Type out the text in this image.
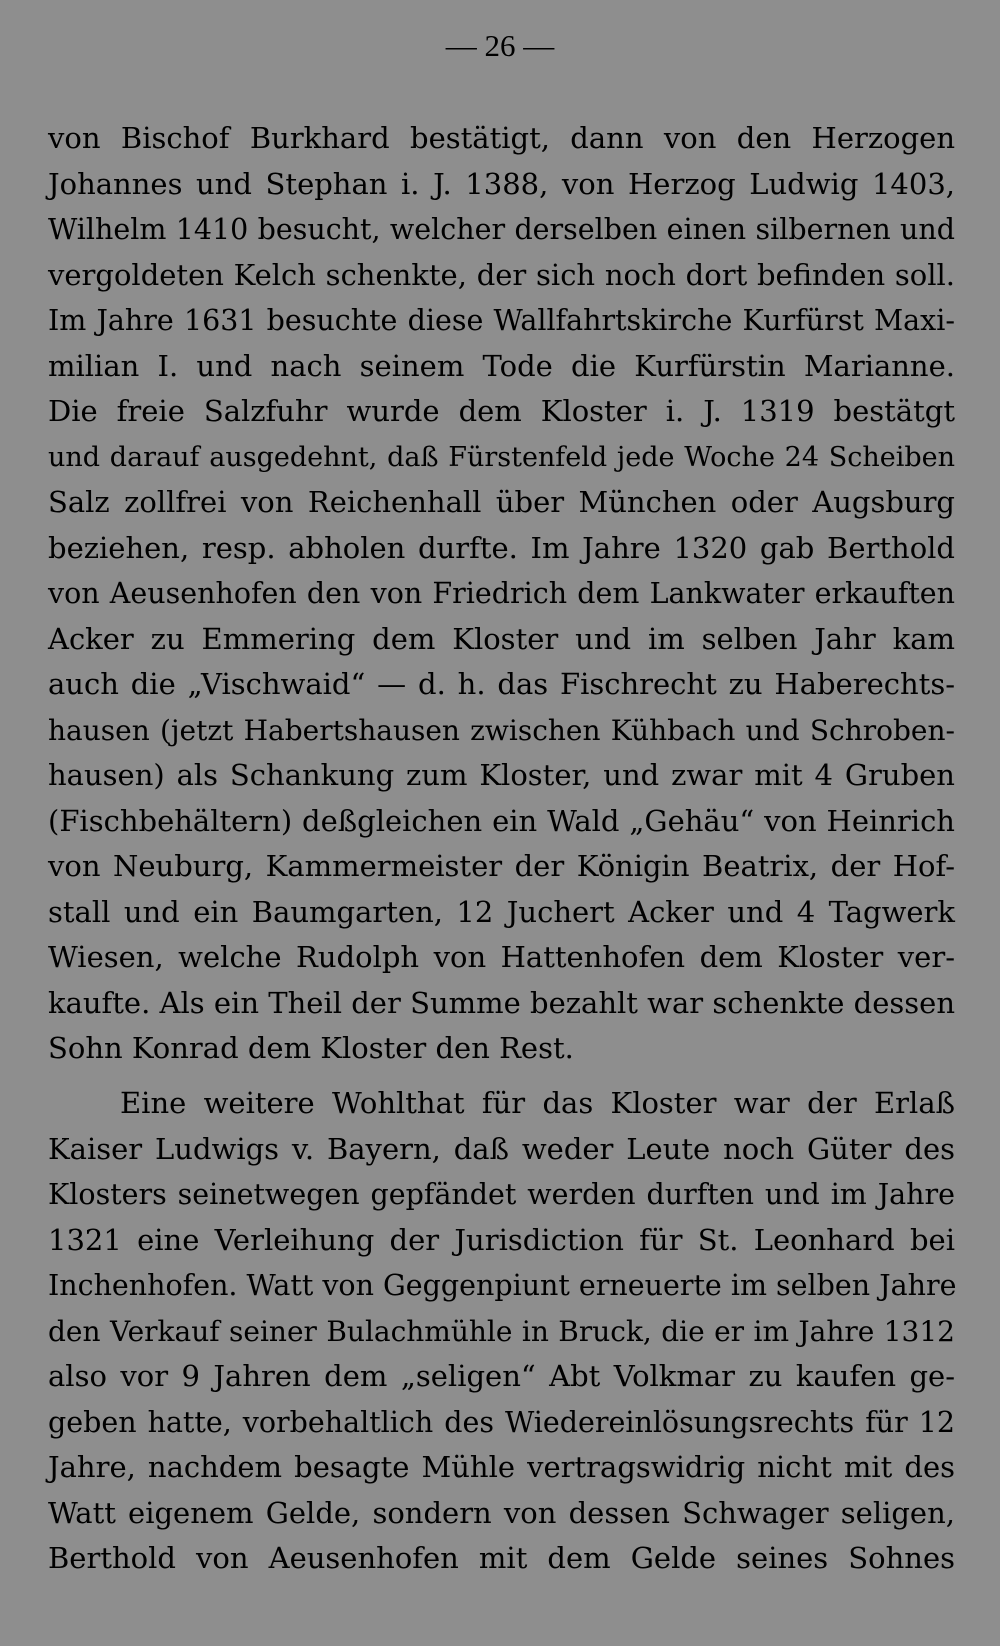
— 26 —
von Bischof Burkhard bestätigt, dann von den Herzogen
Johannes und Stephan i. J. 1388, von Herzog Ludwig 1403,
Wilhelm 1410 besucht, welcher derselben einen silbernen und
vergoldeten Kelch schenkte, der sich noch dort befinden soll.
Im Jahre 1631 besuchte diese Wallfahrtskirche Kurfürst Maxi-
milian I. und nach seinem Tode die Kurfürstin Marianne.
Die freie Salzfuhr wurde dem Kloster i. J. 1319 bestätgt
und darauf ausgedehnt, daß Fürstenfeld jede Woche 24 Scheiben
Salz zollfrei von Reichenhall über München oder Augsburg
beziehen, resp. abholen durfte. Im Jahre 1320 gab Berthold
von Aeusenhofen den von Friedrich dem Lankwater erkauften
Acker zu Emmering dem Kloster und im selben Jahr kam
auch die „Vischwaid“ — d. h. das Fischrecht zu Haberechts-
hausen (jetzt Habertshausen zwischen Kühbach und Schroben-
hausen) als Schankung zum Kloster, und zwar mit 4 Gruben
(Fischbehältern) deßgleichen ein Wald „Gehäu“ von Heinrich
von Neuburg, Kammermeister der Königin Beatrix, der Hof-
stall und ein Baumgarten, 12 Juchert Acker und 4 Tagwerk
Wiesen, welche Rudolph von Hattenhofen dem Kloster ver-
kaufte. Als ein Theil der Summe bezahlt war schenkte dessen
Sohn Konrad dem Kloster den Rest.
Eine weitere Wohlthat für das Kloster war der Erlaß
Kaiser Ludwigs v. Bayern, daß weder Leute noch Güter des
Klosters seinetwegen gepfändet werden durften und im Jahre
1321 eine Verleihung der Jurisdiction für St. Leonhard bei
Inchenhofen. Watt von Geggenpiunt erneuerte im selben Jahre
den Verkauf seiner Bulachmühle in Bruck, die er im Jahre 1312
also vor 9 Jahren dem „seligen“ Abt Volkmar zu kaufen ge-
geben hatte, vorbehaltlich des Wiedereinlösungsrechts für 12
Jahre, nachdem besagte Mühle vertragswidrig nicht mit des
Watt eigenem Gelde, sondern von dessen Schwager seligen,
Berthold von Aeusenhofen mit dem Gelde seines Sohnes
